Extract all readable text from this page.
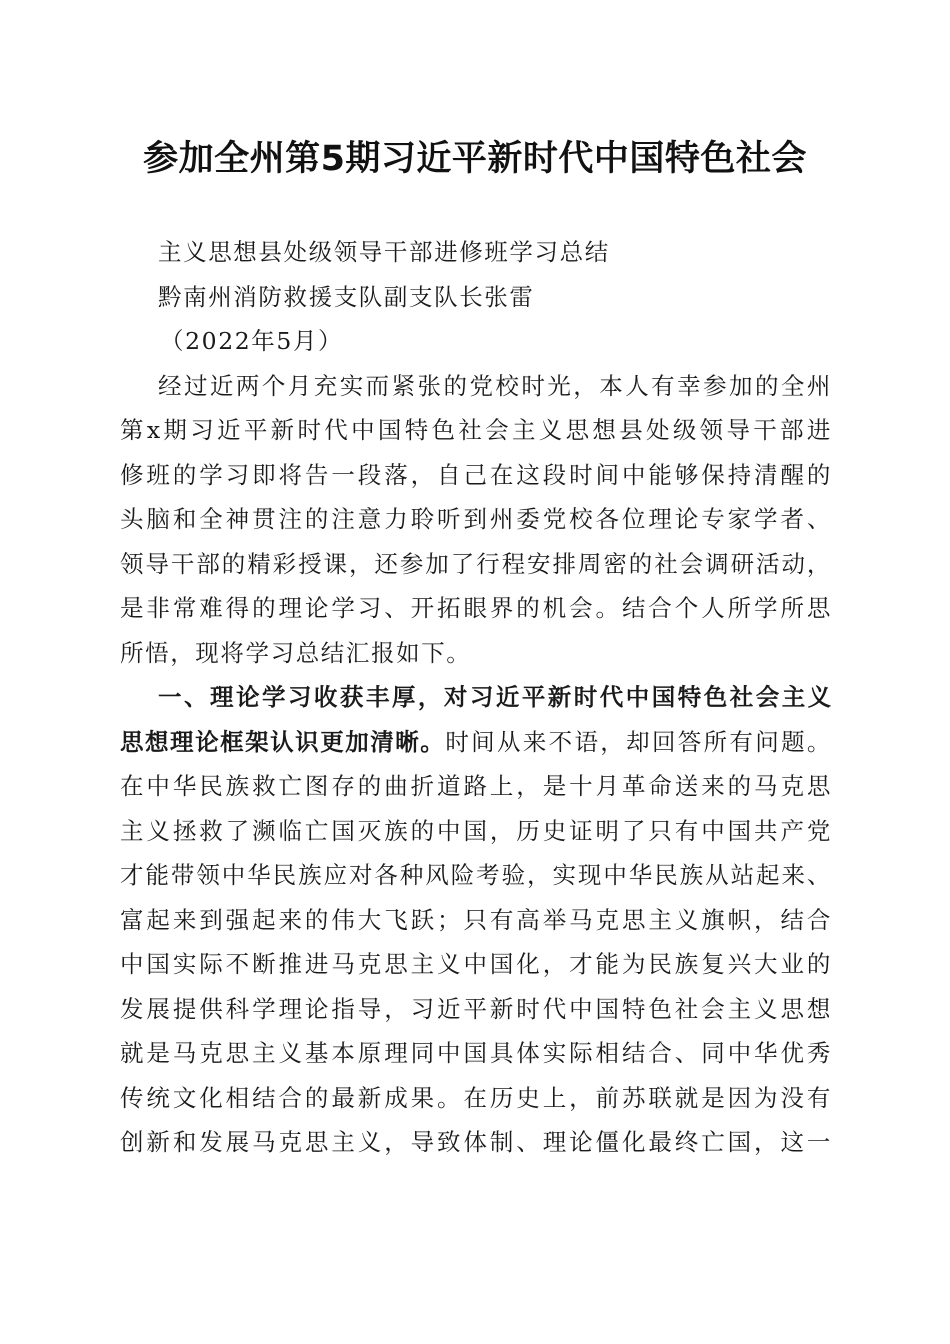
参加全州第5期习近平新时代中国特色社会
主义思想县处级领导干部进修班学习总结
黔南州消防救援支队副支队长张雷
（2022年5月）
经过近两个月充实而紧张的党校时光，本人有幸参加的全州
第x期习近平新时代中国特色社会主义思想县处级领导干部进
修班的学习即将告一段落，自己在这段时间中能够保持清醒的
头脑和全神贯注的注意力聆听到州委党校各位理论专家学者、
领导干部的精彩授课，还参加了行程安排周密的社会调研活动，
是非常难得的理论学习、开拓眼界的机会。结合个人所学所思
所悟，现将学习总结汇报如下。
一、理论学习收获丰厚，对习近平新时代中国特色社会主义
思想理论框架认识更加清晰。时间从来不语，却回答所有问题。
在中华民族救亡图存的曲折道路上，是十月革命送来的马克思
主义拯救了濒临亡国灭族的中国，历史证明了只有中国共产党
才能带领中华民族应对各种风险考验，实现中华民族从站起来、
富起来到强起来的伟大飞跃；只有高举马克思主义旗帜，结合
中国实际不断推进马克思主义中国化，才能为民族复兴大业的
发展提供科学理论指导，习近平新时代中国特色社会主义思想
就是马克思主义基本原理同中国具体实际相结合、同中华优秀
传统文化相结合的最新成果。在历史上，前苏联就是因为没有
创新和发展马克思主义，导致体制、理论僵化最终亡国，这一
